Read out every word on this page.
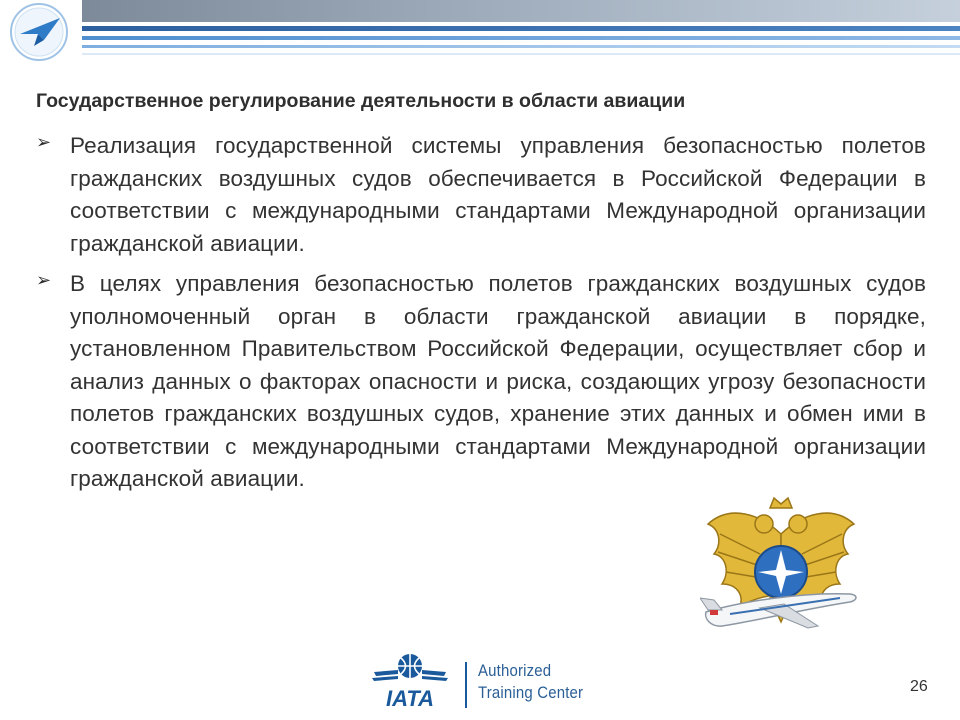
Государственное регулирование деятельности в области авиации
➢ Реализация государственной системы управления безопасностью полетов гражданских воздушных судов обеспечивается в Российской Федерации в соответствии с международными стандартами Международной организации гражданской авиации.
➢ В целях управления безопасностью полетов гражданских воздушных судов уполномоченный орган в области гражданской авиации в порядке, установленном Правительством Российской Федерации, осуществляет сбор и анализ данных о факторах опасности и риска, создающих угрозу безопасности полетов гражданских воздушных судов, хранение этих данных и обмен ими в соответствии с международными стандартами Международной организации гражданской авиации.
IATA
Authorized
Training Center	26
